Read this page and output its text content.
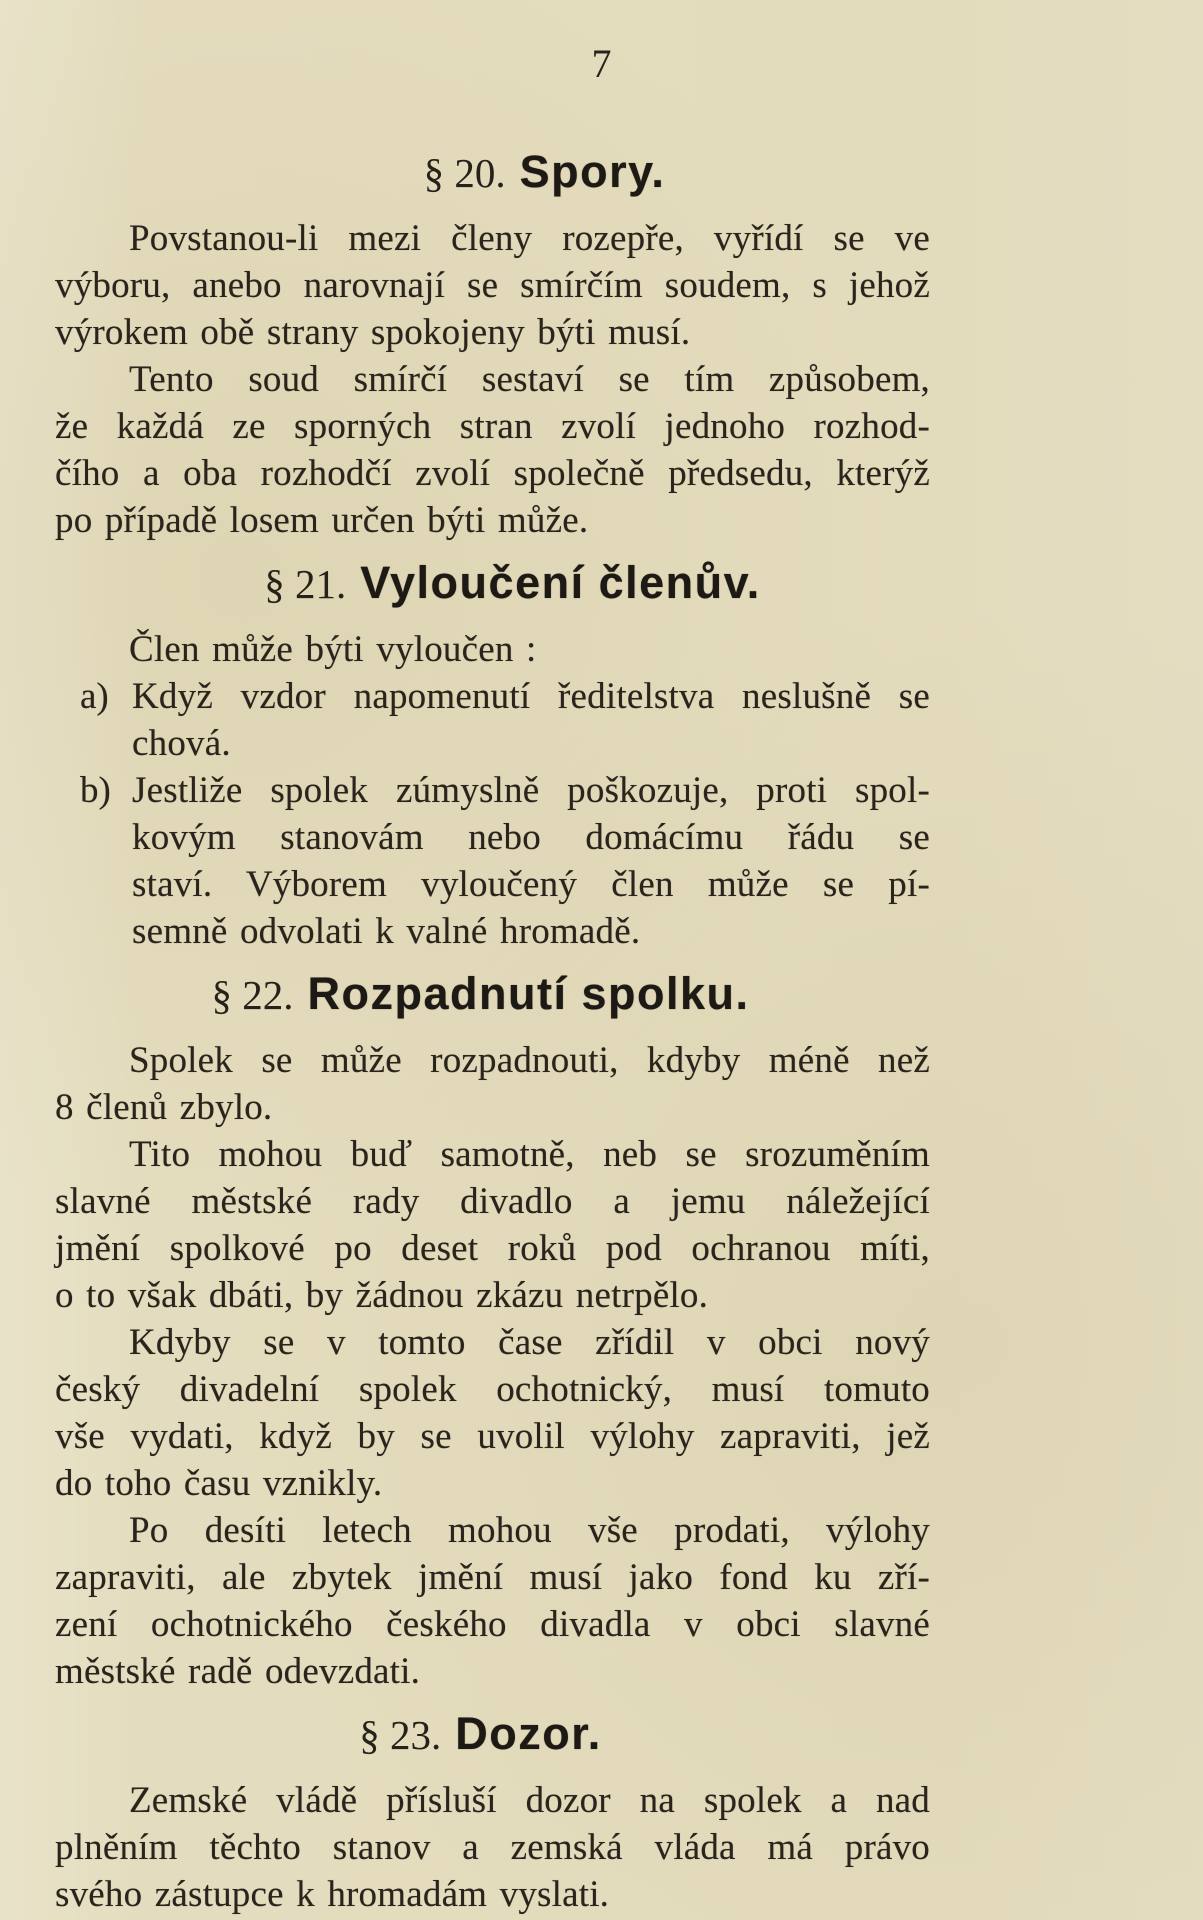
7
§ 20. Spory.
Povstanou-li mezi členy rozepře, vyřídí se ve
výboru, anebo narovnají se smírčím soudem, s jehož
výrokem obě strany spokojeny býti musí.
Tento soud smírčí sestaví se tím způsobem,
že každá ze sporných stran zvolí jednoho rozhod-
čího a oba rozhodčí zvolí společně předsedu, kterýž
po případě losem určen býti může.
§ 21. Vyloučení členův.
Člen může býti vyloučen :
a) Když vzdor napomenutí ředitelstva neslušně se
chová.
b) Jestliže spolek zúmyslně poškozuje, proti spol-
kovým stanovám nebo domácímu řádu se
staví. Výborem vyloučený člen může se pí-
semně odvolati k valné hromadě.
§ 22. Rozpadnutí spolku.
Spolek se může rozpadnouti, kdyby méně než
8 členů zbylo.
Tito mohou buď samotně, neb se srozuměním
slavné městské rady divadlo a jemu náležející
jmění spolkové po deset roků pod ochranou míti,
o to však dbáti, by žádnou zkázu netrpělo.
Kdyby se v tomto čase zřídil v obci nový
český divadelní spolek ochotnický, musí tomuto
vše vydati, když by se uvolil výlohy zapraviti, jež
do toho času vznikly.
Po desíti letech mohou vše prodati, výlohy
zapraviti, ale zbytek jmění musí jako fond ku zří-
zení ochotnického českého divadla v obci slavné
městské radě odevzdati.
§ 23. Dozor.
Zemské vládě přísluší dozor na spolek a nad
plněním těchto stanov a zemská vláda má právo
svého zástupce k hromadám vyslati.
